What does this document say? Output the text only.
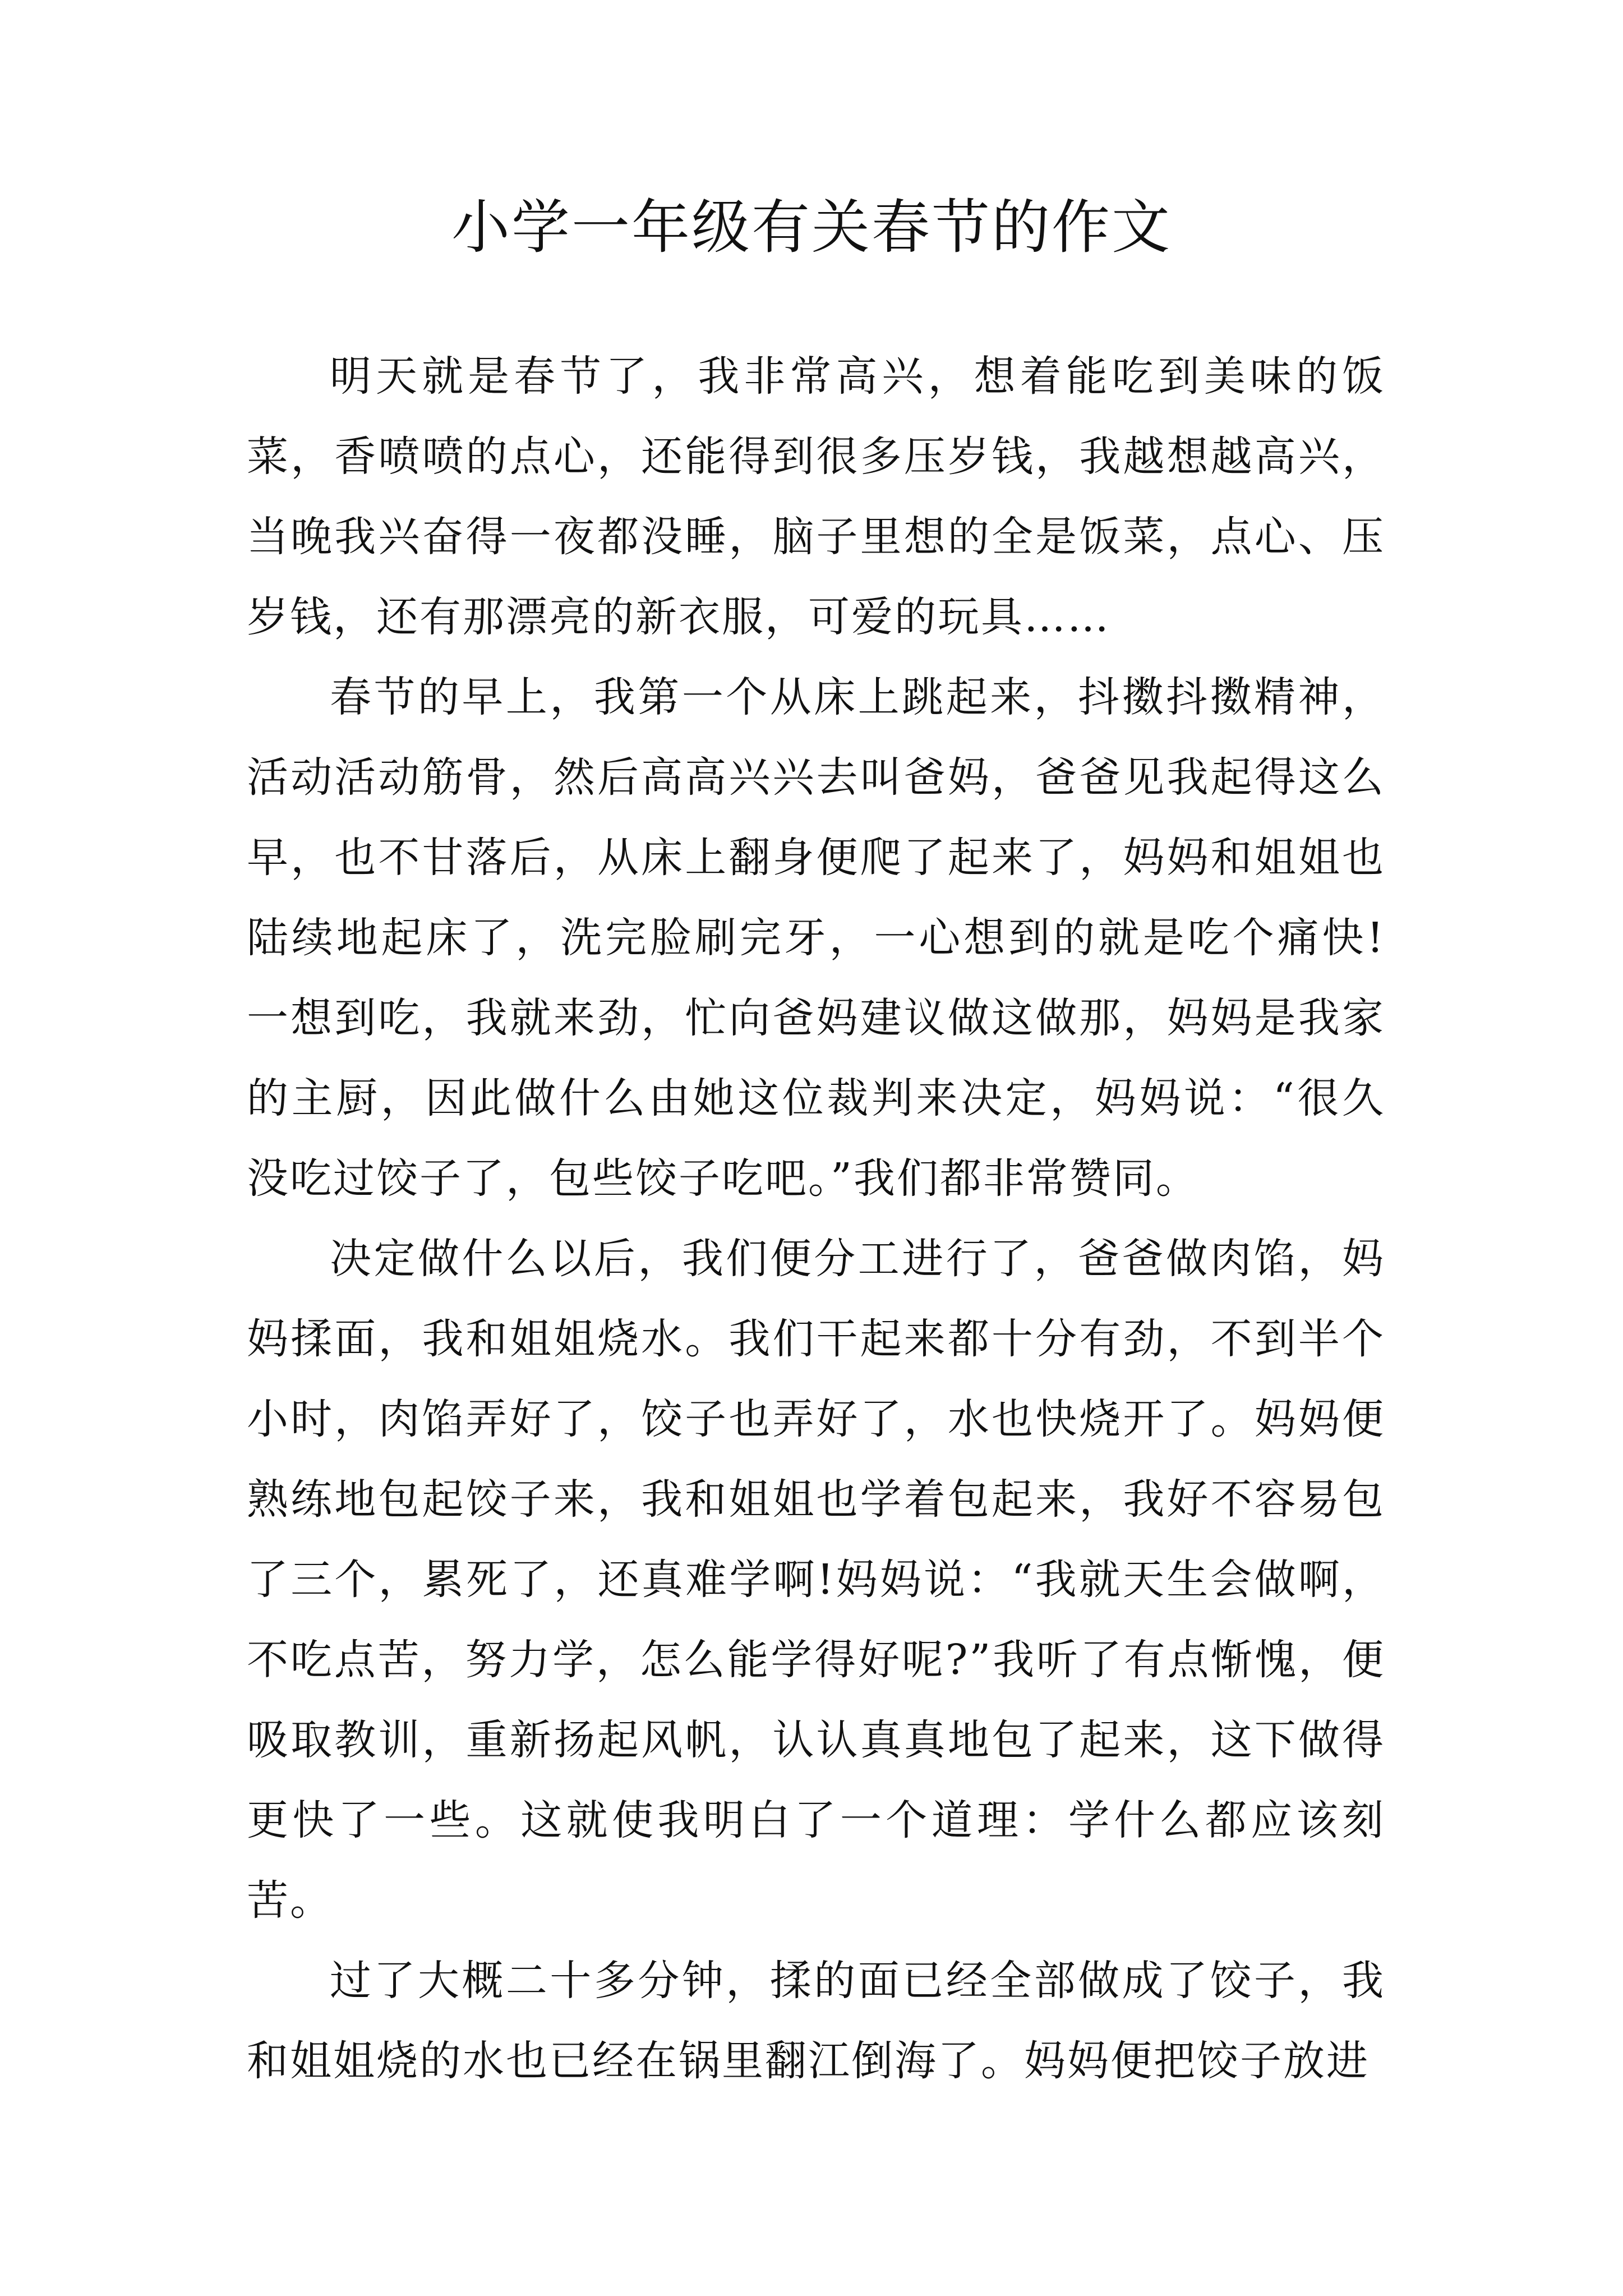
小学一年级有关春节的作文

明天就是春节了，我非常高兴，想着能吃到美味的饭菜，香喷喷的点心，还能得到很多压岁钱，我越想越高兴，当晚我兴奋得一夜都没睡，脑子里想的全是饭菜，点心、压岁钱，还有那漂亮的新衣服，可爱的玩具……

春节的早上，我第一个从床上跳起来，抖擞抖擞精神，活动活动筋骨，然后高高兴兴去叫爸妈，爸爸见我起得这么早，也不甘落后，从床上翻身便爬了起来了，妈妈和姐姐也陆续地起床了，洗完脸刷完牙，一心想到的就是吃个痛快!一想到吃，我就来劲，忙向爸妈建议做这做那，妈妈是我家的主厨，因此做什么由她这位裁判来决定，妈妈说：“很久没吃过饺子了，包些饺子吃吧。”我们都非常赞同。

决定做什么以后，我们便分工进行了，爸爸做肉馅，妈妈揉面，我和姐姐烧水。我们干起来都十分有劲，不到半个小时，肉馅弄好了，饺子也弄好了，水也快烧开了。妈妈便熟练地包起饺子来，我和姐姐也学着包起来，我好不容易包了三个，累死了，还真难学啊!妈妈说：“我就天生会做啊，不吃点苦，努力学，怎么能学得好呢?”我听了有点惭愧，便吸取教训，重新扬起风帆，认认真真地包了起来，这下做得更快了一些。这就使我明白了一个道理：学什么都应该刻苦。

过了大概二十多分钟，揉的面已经全部做成了饺子，我和姐姐烧的水也已经在锅里翻江倒海了。妈妈便把饺子放进
